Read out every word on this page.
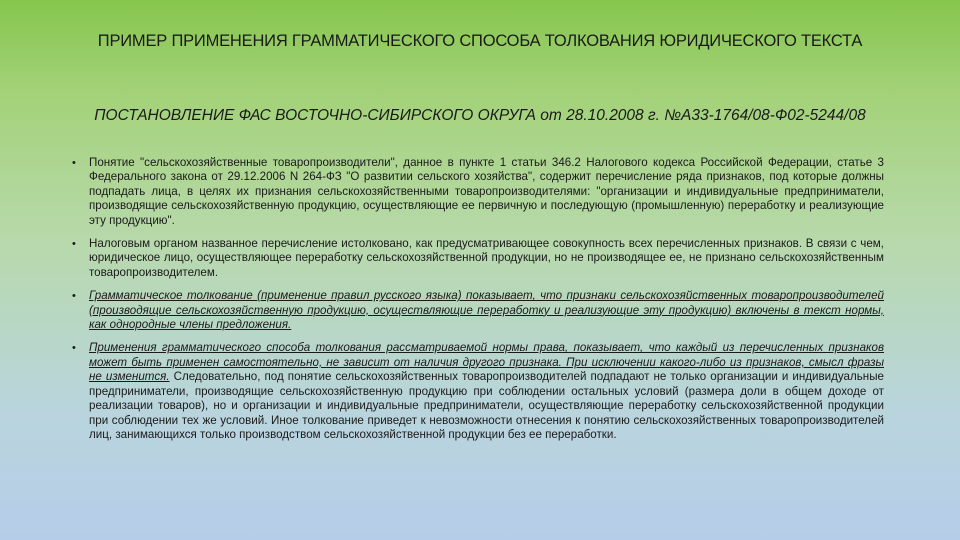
ПРИМЕР ПРИМЕНЕНИЯ ГРАММАТИЧЕСКОГО СПОСОБА ТОЛКОВАНИЯ ЮРИДИЧЕСКОГО ТЕКСТА
ПОСТАНОВЛЕНИЕ ФАС ВОСТОЧНО-СИБИРСКОГО ОКРУГА от 28.10.2008 г. №А33-1764/08-Ф02-5244/08
• Понятие "сельскохозяйственные товаропроизводители", данное в пункте 1 статьи 346.2 Налогового кодекса Российской Федерации, статье 3 Федерального закона от 29.12.2006 N 264-ФЗ "О развитии сельского хозяйства", содержит перечисление ряда признаков, под которые должны подпадать лица, в целях их признания сельскохозяйственными товаропроизводителями: "организации и индивидуальные предприниматели, производящие сельскохозяйственную продукцию, осуществляющие ее первичную и последующую (промышленную) переработку и реализующие эту продукцию".
• Налоговым органом названное перечисление истолковано, как предусматривающее совокупность всех перечисленных признаков. В связи с чем, юридическое лицо, осуществляющее переработку сельскохозяйственной продукции, но не производящее ее, не признано сельскохозяйственным товаропроизводителем.
• Грамматическое толкование (применение правил русского языка) показывает, что признаки сельскохозяйственных товаропроизводителей (производящие сельскохозяйственную продукцию, осуществляющие переработку и реализующие эту продукцию) включены в текст нормы, как однородные члены предложения.
• Применения грамматического способа толкования рассматриваемой нормы права, показывает, что каждый из перечисленных признаков может быть применен самостоятельно, не зависит от наличия другого признака. При исключении какого-либо из признаков, смысл фразы не изменится. Следовательно, под понятие сельскохозяйственных товаропроизводителей подпадают не только организации и индивидуальные предприниматели, производящие сельскохозяйственную продукцию при соблюдении остальных условий (размера доли в общем доходе от реализации товаров), но и организации и индивидуальные предприниматели, осуществляющие переработку сельскохозяйственной продукции при соблюдении тех же условий. Иное толкование приведет к невозможности отнесения к понятию сельскохозяйственных товаропроизводителей лиц, занимающихся только производством сельскохозяйственной продукции без ее переработки.
